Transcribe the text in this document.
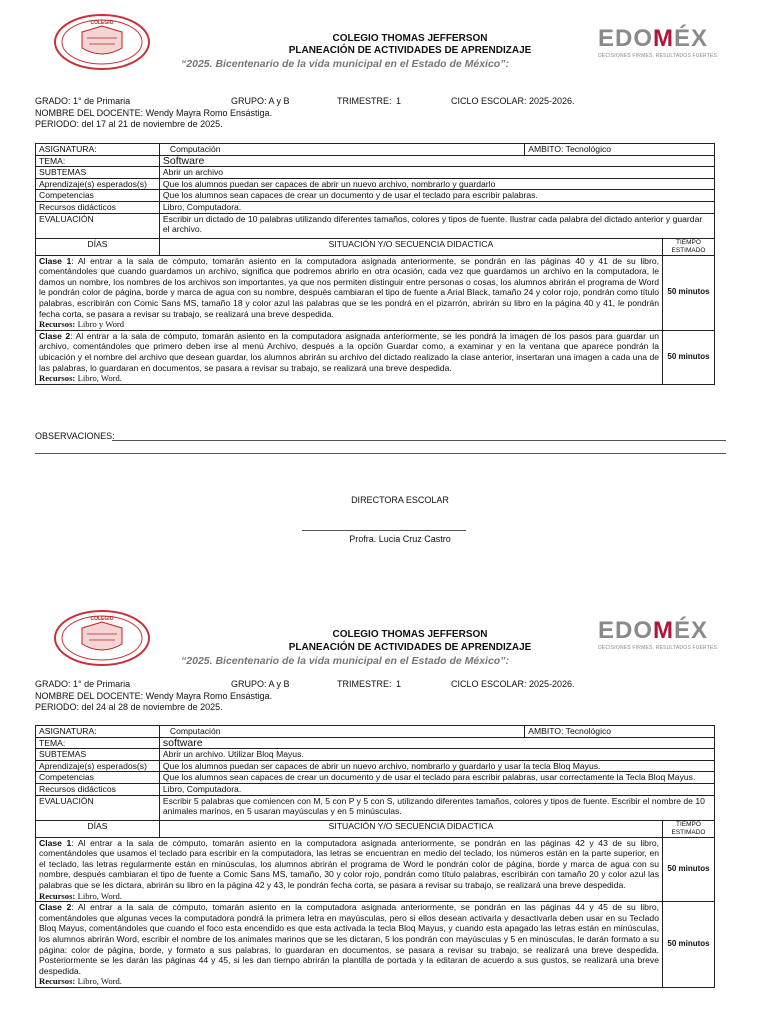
COLEGIO
EDOMÉX
DECISIONES FIRMES, RESULTADOS FUERTES.
COLEGIO THOMAS JEFFERSON
PLANEACIÓN DE ACTIVIDADES DE APRENDIZAJE
“2025. Bicentenario de la vida municipal en el Estado de México”:
GRADO: 1° de Primaria	GRUPO: A y B	TRIMESTRE: 1	CICLO ESCOLAR: 2025-2026.
NOMBRE DEL DOCENTE: Wendy Mayra Romo Ensástiga.
PERIODO: del 17 al 21 de noviembre de 2025.
ASIGNATURA:	Computación	AMBITO: Tecnológico	
TEMA:	Software		
SUBTEMAS	Abrir un archivo		
Aprendizaje(s) esperados(s)	Que los alumnos puedan ser capaces de abrir un nuevo archivo, nombrarlo y guardarlo		
Competencias	Que los alumnos sean capaces de crear un documento y de usar el teclado para escribir palabras.		
Recursos didácticos	Libro, Computadora.		
EVALUACIÓN	Escribir un dictado de 10 palabras utilizando diferentes tamaños, colores y tipos de fuente. Ilustrar cada palabra del dictado anterior y guardar el archivo.		
DÍAS	SITUACIÓN Y/O SECUENCIA DIDACTICA		TIEMPO ESTIMADO
Clase 1: Al entrar a la sala de cómputo, tomarán asiento en la computadora asignada anteriormente, se pondrán en las páginas 40 y 41 de su libro, comentándoles que cuando guardamos un archivo, significa que podremos abrirlo en otra ocasión, cada vez que guardamos un archivo en la computadora, le damos un nombre, los nombres de los archivos son importantes, ya que nos permiten distinguir entre personas o cosas, los alumnos abrirán el programa de Word le pondrán color de página, borde y marca de agua con su nombre, después cambiaran el tipo de fuente a Arial Black, tamaño 24 y color rojo, pondrán como título palabras, escribirán con Comic Sans MS, tamaño 18 y color azul las palabras que se les pondrá en el pizarrón, abrirán su libro en la página 40 y 41, le pondrán fecha corta, se pasara a revisar su trabajo, se realizará una breve despedida.
Recursos: Libro y Word			50 minutos
Clase 2: Al entrar a la sala de cómputo, tomarán asiento en la computadora asignada anteriormente, se les pondrá la imagen de los pasos para guardar un archivo, comentándoles que primero deben irse al menú Archivo, después a la opción Guardar como, a examinar y en la ventana que aparece pondrán la ubicación y el nombre del archivo que desean guardar, los alumnos abrirán su archivo del dictado realizado la clase anterior, insertaran una imagen a cada una de las palabras, lo guardaran en documentos, se pasara a revisar su trabajo, se realizará una breve despedida.
Recursos: Libro, Word.			50 minutos
OBSERVACIONES:
DIRECTORA ESCOLAR
Profra. Lucia Cruz Castro
COLEGIO	EDOMÉX
DECISIONES FIRMES, RESULTADOS FUERTES.
COLEGIO THOMAS JEFFERSON
PLANEACIÓN DE ACTIVIDADES DE APRENDIZAJE
“2025. Bicentenario de la vida municipal en el Estado de México”:
GRADO: 1° de Primaria	GRUPO: A y B	TRIMESTRE: 1	CICLO ESCOLAR: 2025-2026.
NOMBRE DEL DOCENTE: Wendy Mayra Romo Ensástiga.
PERIODO: del 24 al 28 de noviembre de 2025.
ASIGNATURA:	Computación	AMBITO: Tecnológico	
TEMA:	software		
SUBTEMAS	Abrir un archivo. Utilizar Bloq Mayus.		
Aprendizaje(s) esperados(s)	Que los alumnos puedan ser capaces de abrir un nuevo archivo, nombrarlo y guardarlo y usar la tecla Bloq Mayus.		
Competencias	Que los alumnos sean capaces de crear un documento y de usar el teclado para escribir palabras, usar correctamente la Tecla Bloq Mayus.		
Recursos didácticos	Libro, Computadora.		
EVALUACIÓN	Escribir 5 palabras que comiencen con M, 5 con P y 5 con S, utilizando diferentes tamaños, colores y tipos de fuente. Escribir el nombre de 10 animales marinos, en 5 usaran mayúsculas y en 5 minúsculas.		
DÍAS	SITUACIÓN Y/O SECUENCIA DIDACTICA		TIEMPO ESTIMADO
Clase 1: Al entrar a la sala de cómputo, tomarán asiento en la computadora asignada anteriormente, se pondrán en las páginas 42 y 43 de su libro, comentándoles que usamos el teclado para escribir en la computadora, las letras se encuentran en medio del teclado, los números están en la parte superior, en el teclado, las letras regularmente están en minúsculas, los alumnos abrirán el programa de Word le pondrán color de página, borde y marca de agua con su nombre, después cambiaran el tipo de fuente a Comic Sans MS, tamaño, 30 y color rojo, pondrán como título palabras, escribirán con tamaño 20 y color azul las palabras que se les dictara, abrirán su libro en la página 42 y 43, le pondrán fecha corta, se pasara a revisar su trabajo, se realizará una breve despedida.
Recursos: Libro, Word.			50 minutos
Clase 2: Al entrar a la sala de cómputo, tomarán asiento en la computadora asignada anteriormente, se pondrán en las páginas 44 y 45 de su libro, comentándoles que algunas veces la computadora pondrá la primera letra en mayúsculas, pero si ellos desean activarla y desactivarla deben usar en su Teclado Bloq Mayus, comentándoles que cuando el foco esta encendido es que esta activada la tecla Bloq Mayus, y cuando esta apagado las letras están en minúsculas, los alumnos abrirán Word, escribir el nombre de los animales marinos que se les dictaran, 5 los pondrán con mayúsculas y 5 en minúsculas, le darán formato a su página: color de página, borde, y formato a sus palabras, lo guardaran en documentos, se pasara a revisar su trabajo, se realizará una breve despedida. Posteriormente se les darán las páginas 44 y 45, si les dan tiempo abrirán la plantilla de portada y la editaran de acuerdo a sus gustos, se realizará una breve despedida.
Recursos: Libro, Word.			50 minutos
